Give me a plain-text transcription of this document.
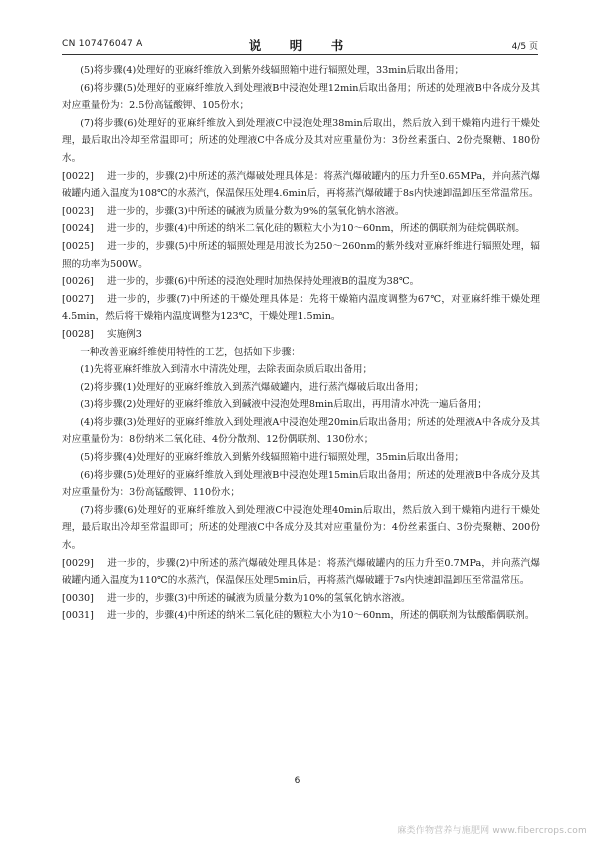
CN 107476047 A	说　明　书	4/5 页

(5)将步骤(4)处理好的亚麻纤维放入到紫外线辐照箱中进行辐照处理，33min后取出备用；

(6)将步骤(5)处理好的亚麻纤维放入到处理液B中浸泡处理12min后取出备用；所述的处理液B中各成分及其对应重量份为：2.5份高锰酸钾、105份水；

(7)将步骤(6)处理好的亚麻纤维放入到处理液C中浸泡处理38min后取出，然后放入到干燥箱内进行干燥处理，最后取出冷却至常温即可；所述的处理液C中各成分及其对应重量份为：3份丝素蛋白、2份壳聚糖、180份水。

[0022] 进一步的，步骤(2)中所述的蒸汽爆破处理具体是：将蒸汽爆破罐内的压力升至0.65MPa，并向蒸汽爆破罐内通入温度为108℃的水蒸汽，保温保压处理4.6min后，再将蒸汽爆破罐于8s内快速卸温卸压至常温常压。

[0023] 进一步的，步骤(3)中所述的碱液为质量分数为9%的氢氧化钠水溶液。

[0024] 进一步的，步骤(4)中所述的纳米二氧化硅的颗粒大小为10～60nm，所述的偶联剂为硅烷偶联剂。

[0025] 进一步的，步骤(5)中所述的辐照处理是用波长为250～260nm的紫外线对亚麻纤维进行辐照处理，辐照的功率为500W。

[0026] 进一步的，步骤(6)中所述的浸泡处理时加热保持处理液B的温度为38℃。

[0027] 进一步的，步骤(7)中所述的干燥处理具体是：先将干燥箱内温度调整为67℃，对亚麻纤维干燥处理4.5min，然后将干燥箱内温度调整为123℃，干燥处理1.5min。

[0028] 实施例3

一种改善亚麻纤维使用特性的工艺，包括如下步骤：

(1)先将亚麻纤维放入到清水中清洗处理，去除表面杂质后取出备用；

(2)将步骤(1)处理好的亚麻纤维放入到蒸汽爆破罐内，进行蒸汽爆破后取出备用；

(3)将步骤(2)处理好的亚麻纤维放入到碱液中浸泡处理8min后取出，再用清水冲洗一遍后备用；

(4)将步骤(3)处理好的亚麻纤维放入到处理液A中浸泡处理20min后取出备用；所述的处理液A中各成分及其对应重量份为：8份纳米二氧化硅、4份分散剂、12份偶联剂、130份水；

(5)将步骤(4)处理好的亚麻纤维放入到紫外线辐照箱中进行辐照处理，35min后取出备用；

(6)将步骤(5)处理好的亚麻纤维放入到处理液B中浸泡处理15min后取出备用；所述的处理液B中各成分及其对应重量份为：3份高锰酸钾、110份水；

(7)将步骤(6)处理好的亚麻纤维放入到处理液C中浸泡处理40min后取出，然后放入到干燥箱内进行干燥处理，最后取出冷却至常温即可；所述的处理液C中各成分及其对应重量份为：4份丝素蛋白、3份壳聚糖、200份水。

[0029] 进一步的，步骤(2)中所述的蒸汽爆破处理具体是：将蒸汽爆破罐内的压力升至0.7MPa，并向蒸汽爆破罐内通入温度为110℃的水蒸汽，保温保压处理5min后，再将蒸汽爆破罐于7s内快速卸温卸压至常温常压。

[0030] 进一步的，步骤(3)中所述的碱液为质量分数为10%的氢氧化钠水溶液。

[0031] 进一步的，步骤(4)中所述的纳米二氧化硅的颗粒大小为10～60nm，所述的偶联剂为钛酸酯偶联剂。

6
麻类作物营养与施肥网 www.fibercrops.com
